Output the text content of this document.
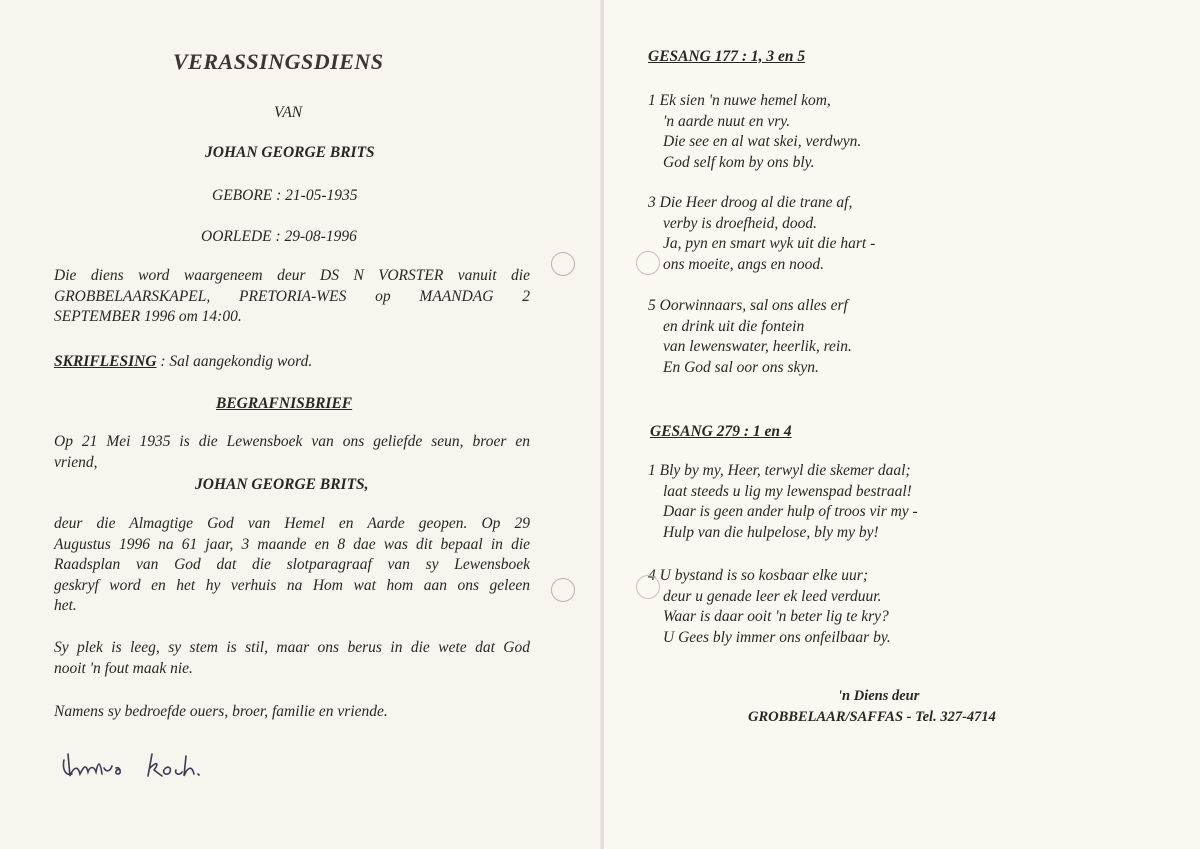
VERASSINGSDIENS
VAN
JOHAN GEORGE BRITS
GEBORE : 21-05-1935
OORLEDE : 29-08-1996
Die diens word waargeneem deur DS N VORSTER vanuit die
GROBBELAARSKAPEL, PRETORIA-WES op MAANDAG 2
SEPTEMBER 1996 om 14:00.
SKRIFLESING : Sal aangekondig word.
BEGRAFNISBRIEF
Op 21 Mei 1935 is die Lewensboek van ons geliefde seun, broer en
vriend,
JOHAN GEORGE BRITS,
deur die Almagtige God van Hemel en Aarde geopen. Op 29
Augustus 1996 na 61 jaar, 3 maande en 8 dae was dit bepaal in die
Raadsplan van God dat die slotparagraaf van sy Lewensboek
geskryf word en het hy verhuis na Hom wat hom aan ons geleen
het.
Sy plek is leeg, sy stem is stil, maar ons berus in die wete dat God
nooit 'n fout maak nie.
Namens sy bedroefde ouers, broer, familie en vriende.
GESANG 177 : 1, 3 en 5
1 Ek sien 'n nuwe hemel kom,
'n aarde nuut en vry.
Die see en al wat skei, verdwyn.
God self kom by ons bly.
3 Die Heer droog al die trane af,
verby is droefheid, dood.
Ja, pyn en smart wyk uit die hart -
ons moeite, angs en nood.
5 Oorwinnaars, sal ons alles erf
en drink uit die fontein
van lewenswater, heerlik, rein.
En God sal oor ons skyn.
GESANG 279 : 1 en 4
1 Bly by my, Heer, terwyl die skemer daal;
laat steeds u lig my lewenspad bestraal!
Daar is geen ander hulp of troos vir my -
Hulp van die hulpelose, bly my by!
4 U bystand is so kosbaar elke uur;
deur u genade leer ek leed verduur.
Waar is daar ooit 'n beter lig te kry?
U Gees bly immer ons onfeilbaar by.
'n Diens deur
GROBBELAAR/SAFFAS - Tel. 327-4714
